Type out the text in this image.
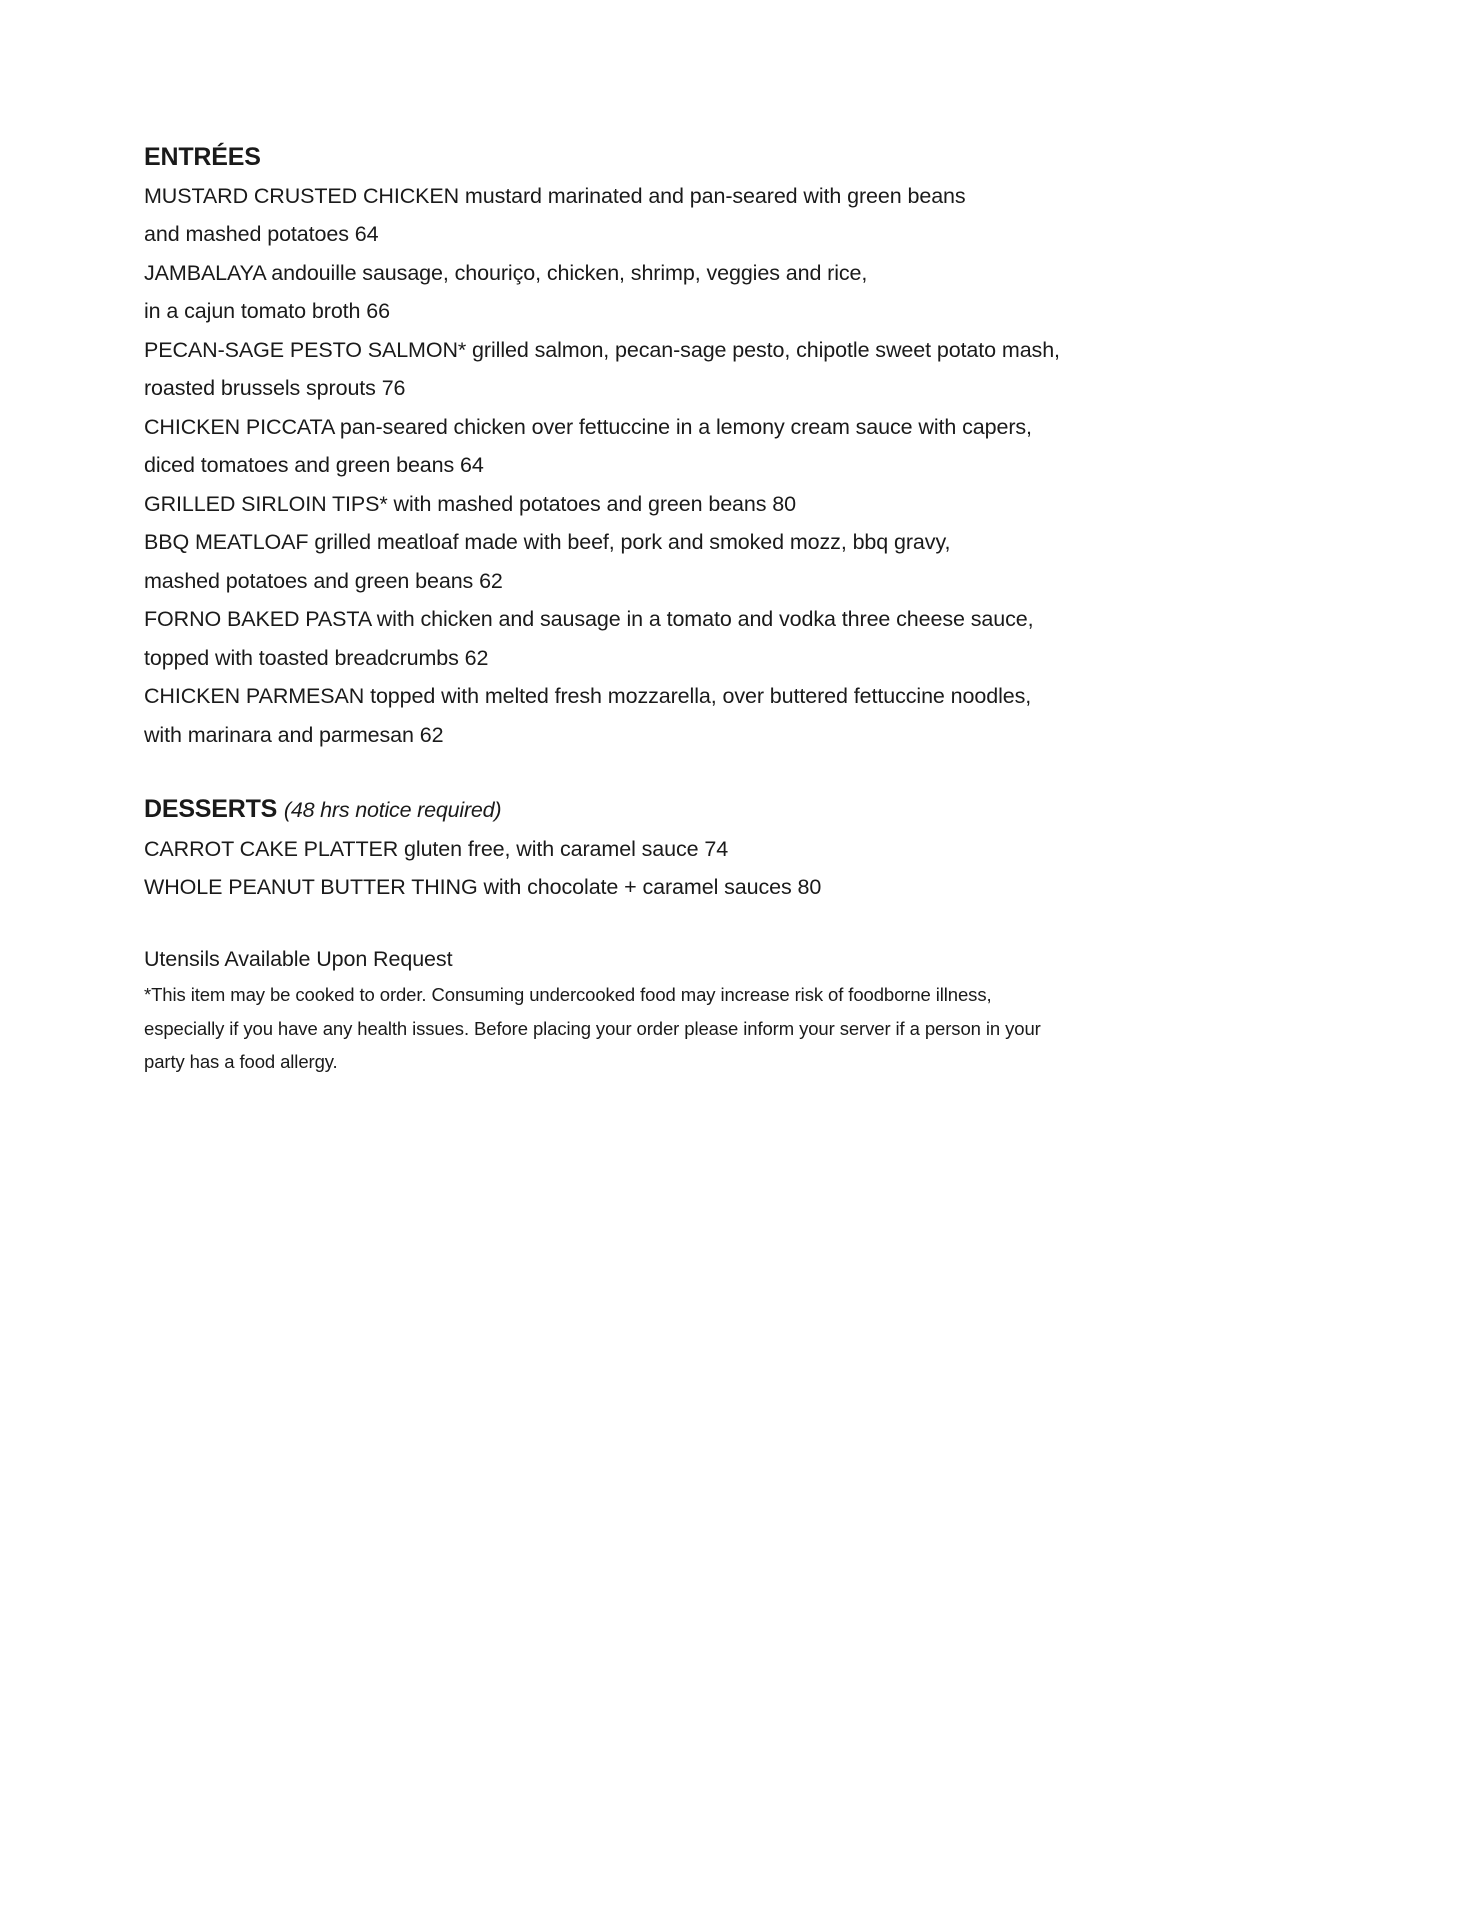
ENTRÉES
MUSTARD CRUSTED CHICKEN mustard marinated and pan-seared with green beans
and mashed potatoes 64
JAMBALAYA andouille sausage, chouriço, chicken, shrimp, veggies and rice,
in a cajun tomato broth 66
PECAN-SAGE PESTO SALMON* grilled salmon, pecan-sage pesto, chipotle sweet potato mash,
roasted brussels sprouts 76
CHICKEN PICCATA pan-seared chicken over fettuccine in a lemony cream sauce with capers,
diced tomatoes and green beans 64
GRILLED SIRLOIN TIPS* with mashed potatoes and green beans 80
BBQ MEATLOAF grilled meatloaf made with beef, pork and smoked mozz, bbq gravy,
mashed potatoes and green beans 62
FORNO BAKED PASTA with chicken and sausage in a tomato and vodka three cheese sauce,
topped with toasted breadcrumbs 62
CHICKEN PARMESAN topped with melted fresh mozzarella, over buttered fettuccine noodles,
with marinara and parmesan 62
DESSERTS (48 hrs notice required)
CARROT CAKE PLATTER gluten free, with caramel sauce 74
WHOLE PEANUT BUTTER THING with chocolate + caramel sauces 80
Utensils Available Upon Request
*This item may be cooked to order. Consuming undercooked food may increase risk of foodborne illness,
especially if you have any health issues. Before placing your order please inform your server if a person in your
party has a food allergy.
